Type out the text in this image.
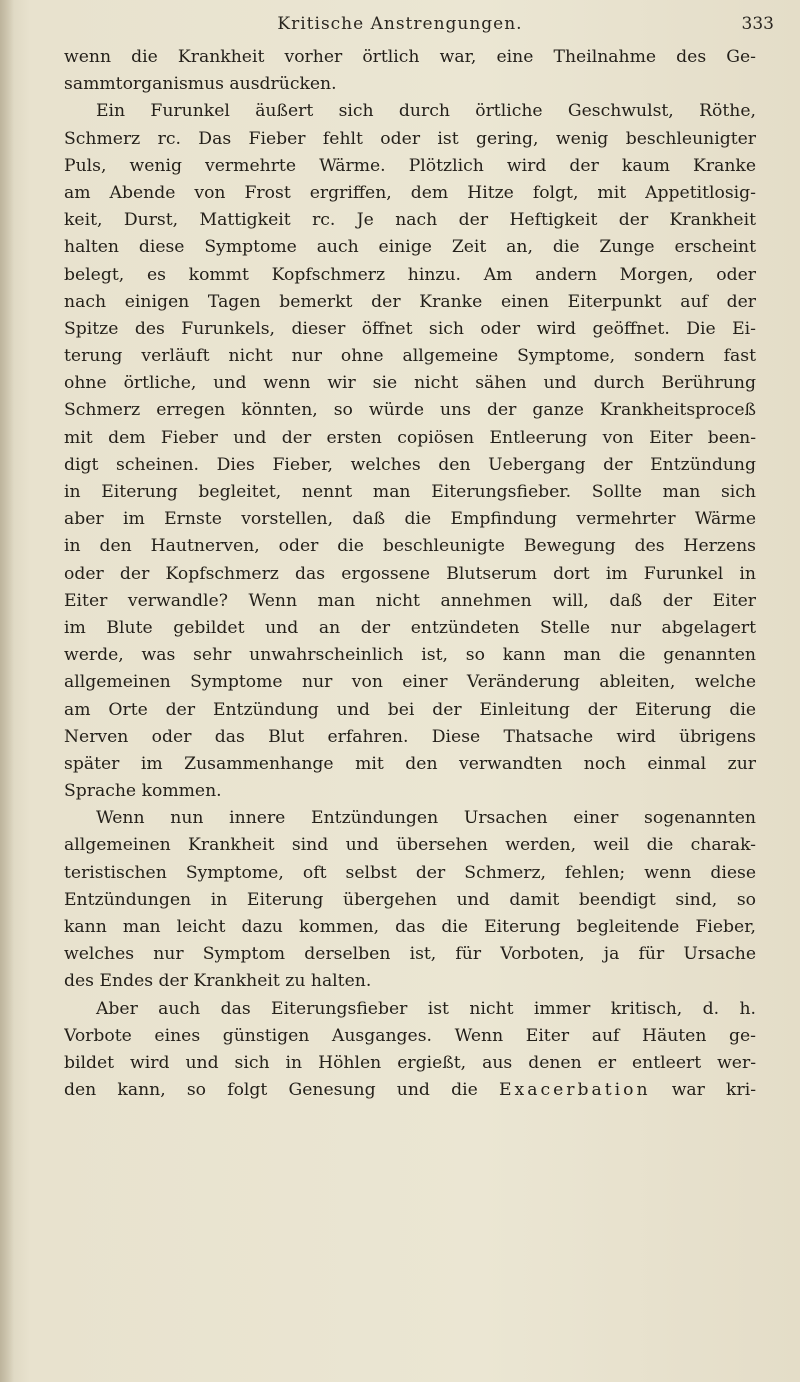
Kritische Anstrengungen.	333
wenn die Krankheit vorher örtlich war, eine Theilnahme des Ge-
sammtorganismus ausdrücken.
Ein Furunkel äußert sich durch örtliche Geschwulst, Röthe,
Schmerz rc. Das Fieber fehlt oder ist gering, wenig beschleunigter
Puls, wenig vermehrte Wärme. Plötzlich wird der kaum Kranke
am Abende von Frost ergriffen, dem Hitze folgt, mit Appetitlosig-
keit, Durst, Mattigkeit rc. Je nach der Heftigkeit der Krankheit
halten diese Symptome auch einige Zeit an, die Zunge erscheint
belegt, es kommt Kopfschmerz hinzu. Am andern Morgen, oder
nach einigen Tagen bemerkt der Kranke einen Eiterpunkt auf der
Spitze des Furunkels, dieser öffnet sich oder wird geöffnet. Die Ei-
terung verläuft nicht nur ohne allgemeine Symptome, sondern fast
ohne örtliche, und wenn wir sie nicht sähen und durch Berührung
Schmerz erregen könnten, so würde uns der ganze Krankheitsproceß
mit dem Fieber und der ersten copiösen Entleerung von Eiter been-
digt scheinen. Dies Fieber, welches den Uebergang der Entzündung
in Eiterung begleitet, nennt man Eiterungsfieber. Sollte man sich
aber im Ernste vorstellen, daß die Empfindung vermehrter Wärme
in den Hautnerven, oder die beschleunigte Bewegung des Herzens
oder der Kopfschmerz das ergossene Blutserum dort im Furunkel in
Eiter verwandle? Wenn man nicht annehmen will, daß der Eiter
im Blute gebildet und an der entzündeten Stelle nur abgelagert
werde, was sehr unwahrscheinlich ist, so kann man die genannten
allgemeinen Symptome nur von einer Veränderung ableiten, welche
am Orte der Entzündung und bei der Einleitung der Eiterung die
Nerven oder das Blut erfahren. Diese Thatsache wird übrigens
später im Zusammenhange mit den verwandten noch einmal zur
Sprache kommen.
Wenn nun innere Entzündungen Ursachen einer sogenannten
allgemeinen Krankheit sind und übersehen werden, weil die charak-
teristischen Symptome, oft selbst der Schmerz, fehlen; wenn diese
Entzündungen in Eiterung übergehen und damit beendigt sind, so
kann man leicht dazu kommen, das die Eiterung begleitende Fieber,
welches nur Symptom derselben ist, für Vorboten, ja für Ursache
des Endes der Krankheit zu halten.
Aber auch das Eiterungsfieber ist nicht immer kritisch, d. h.
Vorbote eines günstigen Ausganges. Wenn Eiter auf Häuten ge-
bildet wird und sich in Höhlen ergießt, aus denen er entleert wer-
den kann, so folgt Genesung und die Exacerbation war kri-
